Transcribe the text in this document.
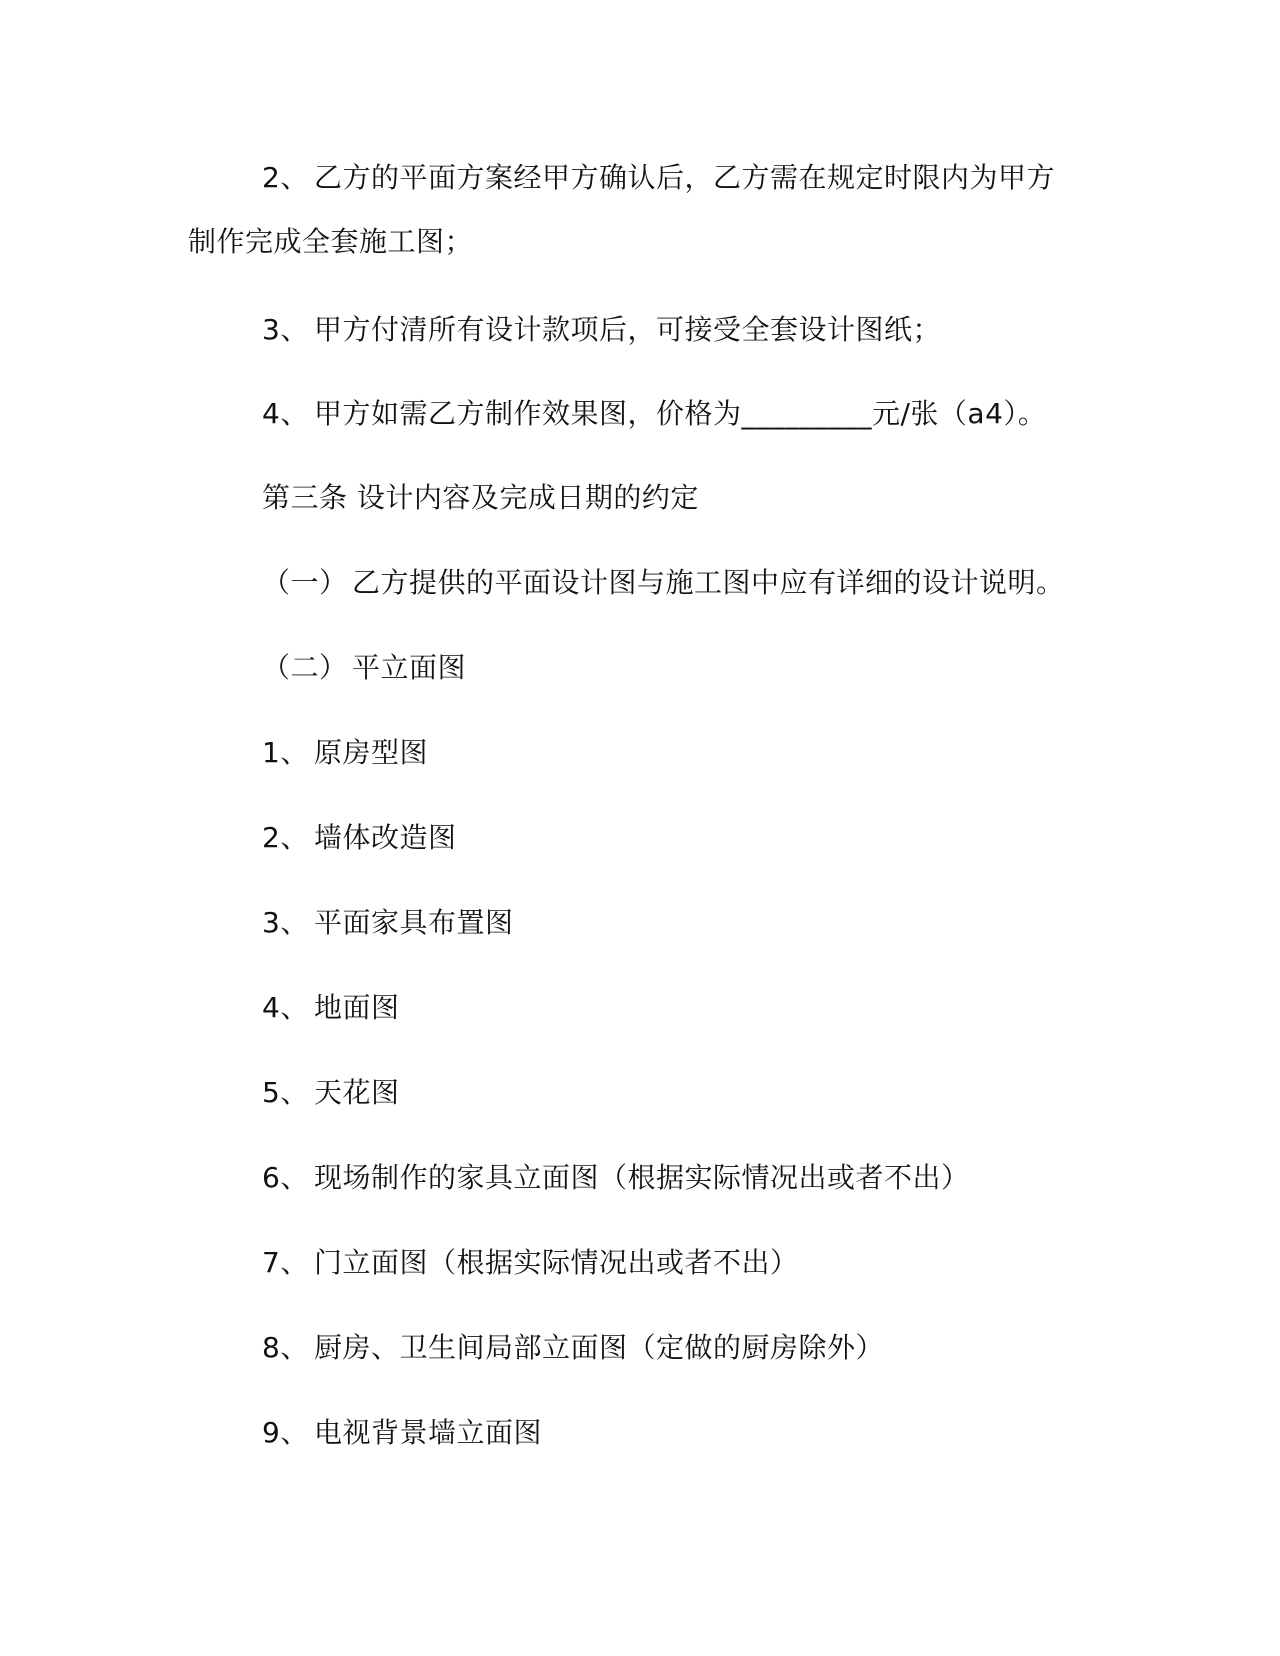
2、 乙方的平面方案经甲方确认后，乙方需在规定时限内为甲方
制作完成全套施工图；
3、 甲方付清所有设计款项后，可接受全套设计图纸；
4、 甲方如需乙方制作效果图，价格为_________元/张（a4）。
第三条 设计内容及完成日期的约定
（一） 乙方提供的平面设计图与施工图中应有详细的设计说明。
（二） 平立面图
1、 原房型图
2、 墙体改造图
3、 平面家具布置图
4、 地面图
5、 天花图
6、 现场制作的家具立面图（根据实际情况出或者不出）
7、 门立面图（根据实际情况出或者不出）
8、 厨房、卫生间局部立面图（定做的厨房除外）
9、 电视背景墙立面图
